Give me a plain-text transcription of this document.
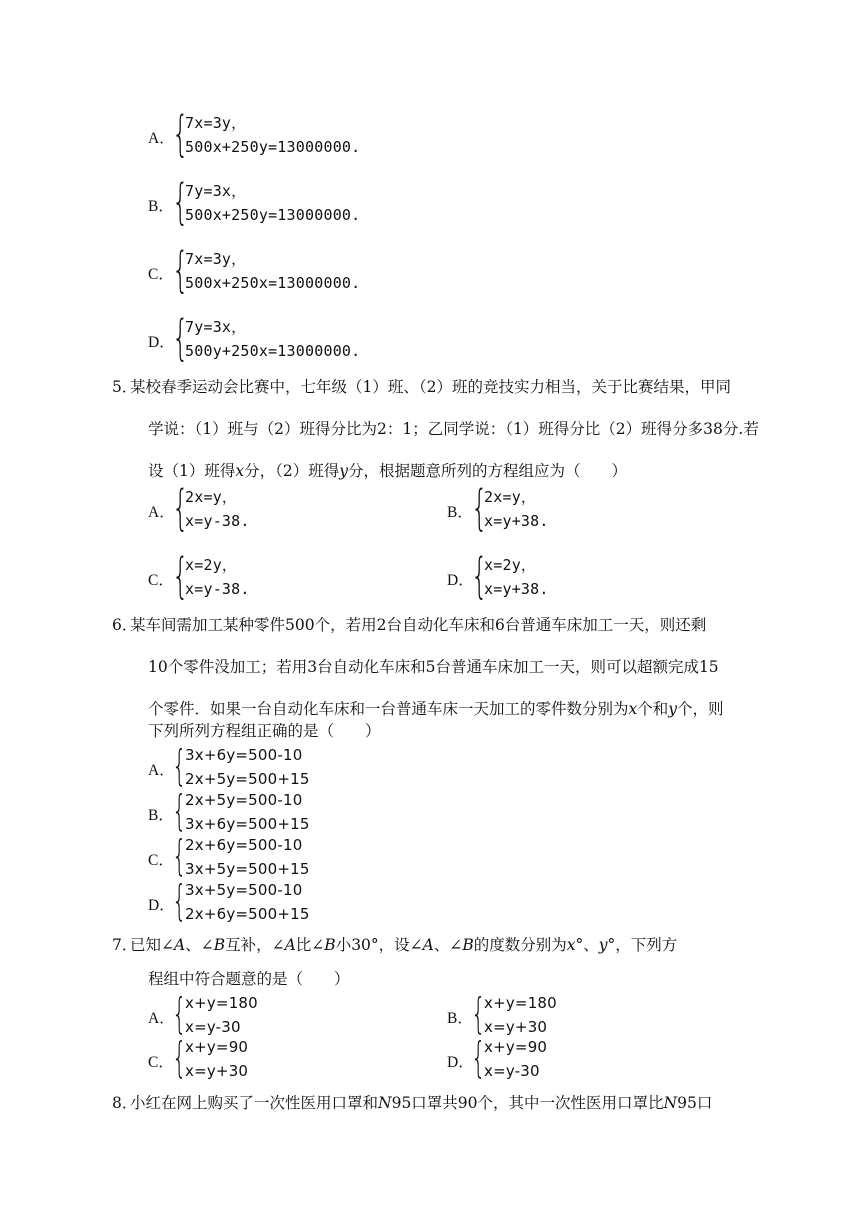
A．
{
7x=3y，
500x+250y=13000000.
B．
{
7y=3x，
500x+250y=13000000.
C．
{
7x=3y，
500x+250x=13000000.
D．
{
7y=3x，
500y+250x=13000000.
5．
某校春季运动会比赛中，七年级（1）班、（2）班的竞技实力相当，关于比赛结果，甲同
学说：（1）班与（2）班得分比为2：1；乙同学说：（1）班得分比（2）班得分多38分.若
设（1）班得x分，（2）班得y分，根据题意所列的方程组应为（　　）
A．
{
2x=y，
x=y-38.	B．
{
2x=y，
x=y+38.
C．
{
x=2y，
x=y-38.	D．
{
x=2y，
x=y+38.
6．
某车间需加工某种零件500个，若用2台自动化车床和6台普通车床加工一天，则还剩
10个零件没加工；若用3台自动化车床和5台普通车床加工一天，则可以超额完成15
个零件．如果一台自动化车床和一台普通车床一天加工的零件数分别为x个和y个，则
下列所列方程组正确的是（　　）
A．
{
3x+6y=500-10
2x+5y=500+15
B．
{
2x+5y=500-10
3x+6y=500+15
C．
{
2x+6y=500-10
3x+5y=500+15
D．
{
3x+5y=500-10
2x+6y=500+15
7．
已知∠A、∠B互补，∠A比∠B小30°，设∠A、∠B的度数分别为x°、y°，下列方
程组中符合题意的是（　　）
A．
{
x+y=180
x=y-30	B．
{
x+y=180
x=y+30
C．
{
x+y=90
x=y+30	D．
{
x+y=90
x=y-30
8．
小红在网上购买了一次性医用口罩和N95口罩共90个，其中一次性医用口罩比N95口
